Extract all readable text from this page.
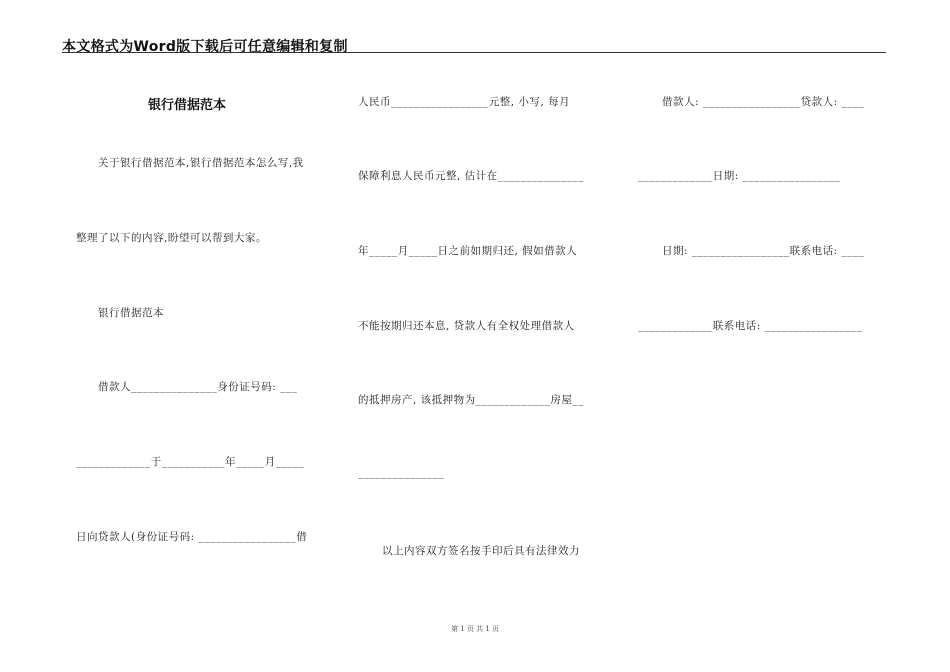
本文格式为Word版下载后可任意编辑和复制
银行借据范本
关于银行借据范本,银行借据范本怎么写,我
整理了以下的内容,盼望可以帮到大家。
银行借据范本
借款人_______________身份证号码: ___
_____________于___________年_____月_____
日向贷款人(身份证号码: _________________借
人民币_________________元整, 小写, 每月
保障利息人民币元整, 估计在_______________
年_____月_____日之前如期归还, 假如借款人
不能按期归还本息, 贷款人有全权处理借款人
的抵押房产, 该抵押物为_____________房屋__
_______________
以上内容双方签名按手印后具有法律效力
借款人: _________________贷款人: ____
_____________日期: _________________
日期: _________________联系电话: ____
_____________联系电话: _________________
第 1 页 共 1 页
